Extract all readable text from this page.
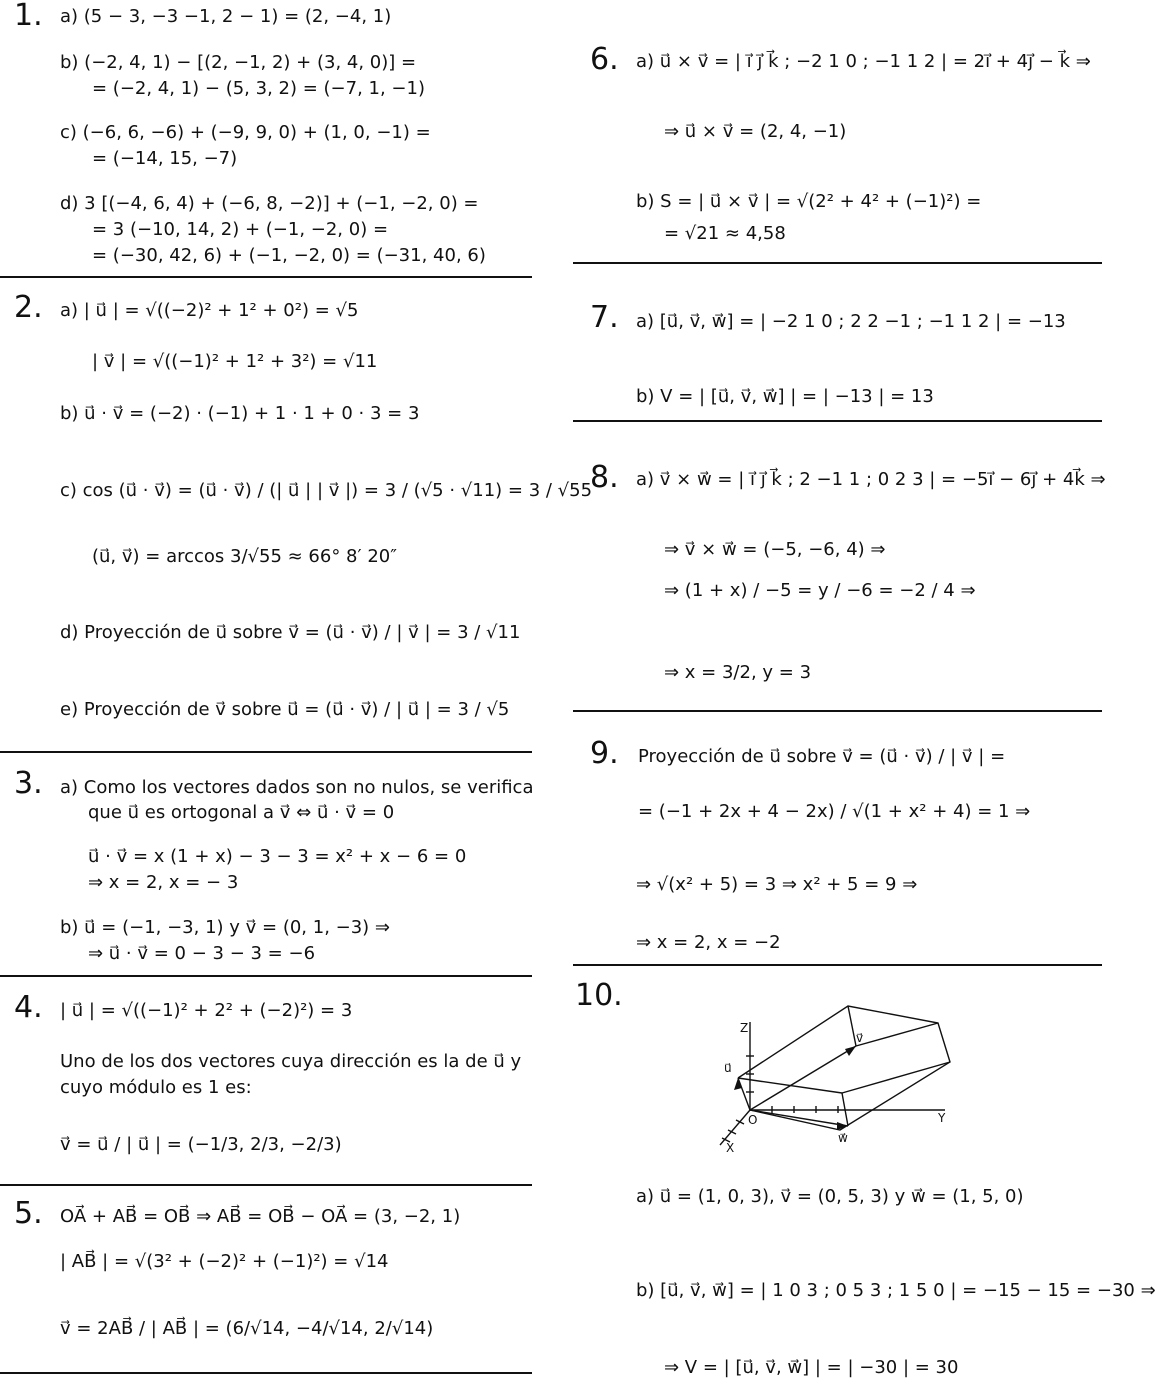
1. a) (5 − 3, −3 −1, 2 − 1) = (2, −4, 1)
b) (−2, 4, 1) − [(2, −1, 2) + (3, 4, 0)] =
= (−2, 4, 1) − (5, 3, 2) = (−7, 1, −1)
c) (−6, 6, −6) + (−9, 9, 0) + (1, 0, −1) =
= (−14, 15, −7)
d) 3 [(−4, 6, 4) + (−6, 8, −2)] + (−1, −2, 0) =
= 3 (−10, 14, 2) + (−1, −2, 0) =
= (−30, 42, 6) + (−1, −2, 0) = (−31, 40, 6)
2. a) | u⃗ | = √((−2)² + 1² + 0²) = √5
| v⃗ | = √((−1)² + 1² + 3²) = √11
b) u⃗ · v⃗ = (−2) · (−1) + 1 · 1 + 0 · 3 = 3
c) cos (u⃗ · v⃗) = (u⃗ · v⃗) / (| u⃗ | | v⃗ |) = 3 / (√5 · √11) = 3 / √55
(u⃗, v⃗) = arccos 3/√55 ≈ 66° 8′ 20″
d) Proyección de u⃗ sobre v⃗ = (u⃗ · v⃗) / | v⃗ | = 3 / √11
e) Proyección de v⃗ sobre u⃗ = (u⃗ · v⃗) / | u⃗ | = 3 / √5
3. a) Como los vectores dados son no nulos, se verifica
que u⃗ es ortogonal a v⃗ ⇔ u⃗ · v⃗ = 0
u⃗ · v⃗ = x (1 + x) − 3 − 3 = x² + x − 6 = 0
⇒ x = 2, x = − 3
b) u⃗ = (−1, −3, 1) y v⃗ = (0, 1, −3) ⇒
⇒ u⃗ · v⃗ = 0 − 3 − 3 = −6
4. | u⃗ | = √((−1)² + 2² + (−2)²) = 3
Uno de los dos vectores cuya dirección es la de u⃗ y
cuyo módulo es 1 es:
v⃗ = u⃗ / | u⃗ | = (−1/3, 2/3, −2/3)
5. OA⃗ + AB⃗ = OB⃗ ⇒ AB⃗ = OB⃗ − OA⃗ = (3, −2, 1)
| AB⃗ | = √(3² + (−2)² + (−1)²) = √14
v⃗ = 2AB⃗ / | AB⃗ | = (6/√14, −4/√14, 2/√14)
6. a) u⃗ × v⃗ = | i⃗ j⃗ k⃗ ; −2 1 0 ; −1 1 2 | = 2i⃗ + 4j⃗ − k⃗ ⇒
⇒ u⃗ × v⃗ = (2, 4, −1)
b) S = | u⃗ × v⃗ | = √(2² + 4² + (−1)²) =
= √21 ≈ 4,58
7. a) [u⃗, v⃗, w⃗] = | −2 1 0 ; 2 2 −1 ; −1 1 2 | = −13
b) V = | [u⃗, v⃗, w⃗] | = | −13 | = 13
8. a) v⃗ × w⃗ = | i⃗ j⃗ k⃗ ; 2 −1 1 ; 0 2 3 | = −5i⃗ − 6j⃗ + 4k⃗ ⇒
⇒ v⃗ × w⃗ = (−5, −6, 4) ⇒
⇒ (1 + x) / −5 = y / −6 = −2 / 4 ⇒
⇒ x = 3/2, y = 3
9. Proyección de u⃗ sobre v⃗ = (u⃗ · v⃗) / | v⃗ | =
= (−1 + 2x + 4 − 2x) / √(1 + x² + 4) = 1 ⇒
⇒ √(x² + 5) = 3 ⇒ x² + 5 = 9 ⇒
⇒ x = 2, x = −2
10.
Z
u⃗
v⃗
O	Y
X
w⃗
a) u⃗ = (1, 0, 3), v⃗ = (0, 5, 3) y w⃗ = (1, 5, 0)
b) [u⃗, v⃗, w⃗] = | 1 0 3 ; 0 5 3 ; 1 5 0 | = −15 − 15 = −30 ⇒
⇒ V = | [u⃗, v⃗, w⃗] | = | −30 | = 30
